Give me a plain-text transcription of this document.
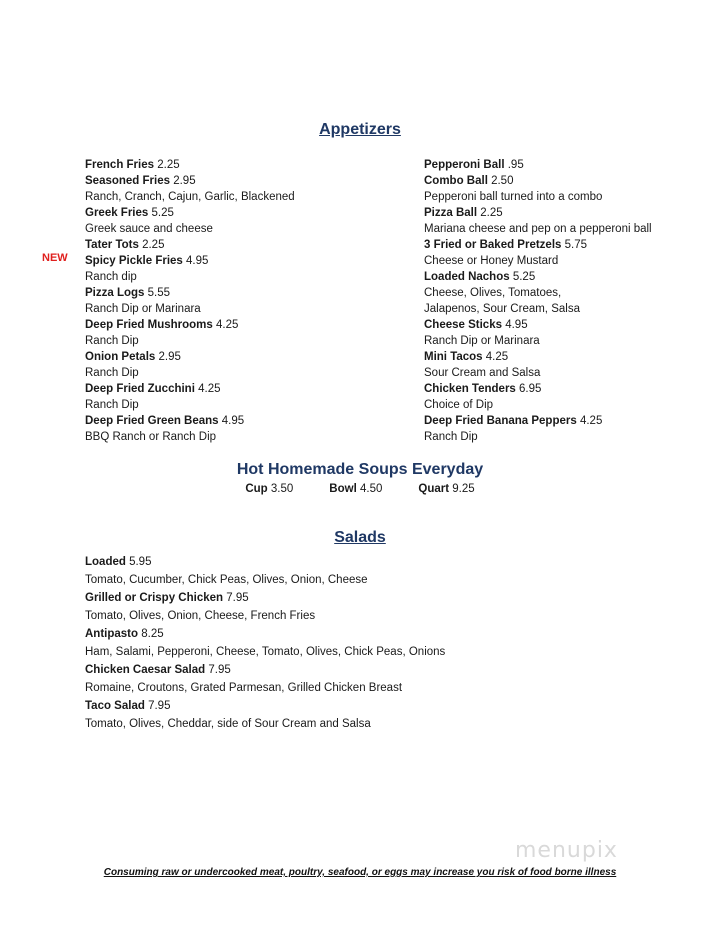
Appetizers
NEW
French Fries 2.25
Seasoned Fries 2.95
Ranch, Cranch, Cajun, Garlic, Blackened
Greek Fries 5.25
Greek sauce and cheese
Tater Tots 2.25
Spicy Pickle Fries 4.95
Ranch dip
Pizza Logs 5.55
Ranch Dip or Marinara
Deep Fried Mushrooms 4.25
Ranch Dip
Onion Petals 2.95
Ranch Dip
Deep Fried Zucchini 4.25
Ranch Dip
Deep Fried Green Beans 4.95
BBQ Ranch or Ranch Dip
Pepperoni Ball .95
Combo Ball 2.50
Pepperoni ball turned into a combo
Pizza Ball 2.25
Mariana cheese and pep on a pepperoni ball
3 Fried or Baked Pretzels 5.75
Cheese or Honey Mustard
Loaded Nachos 5.25
Cheese, Olives, Tomatoes,
Jalapenos, Sour Cream, Salsa
Cheese Sticks 4.95
Ranch Dip or Marinara
Mini Tacos 4.25
Sour Cream and Salsa
Chicken Tenders 6.95
Choice of Dip
Deep Fried Banana Peppers 4.25
Ranch Dip
Hot Homemade Soups Everyday
Cup 3.50	Bowl 4.50	Quart 9.25
Salads
Loaded 5.95
Tomato, Cucumber, Chick Peas, Olives, Onion, Cheese
Grilled or Crispy Chicken 7.95
Tomato, Olives, Onion, Cheese, French Fries
Antipasto 8.25
Ham, Salami, Pepperoni, Cheese, Tomato, Olives, Chick Peas, Onions
Chicken Caesar Salad 7.95
Romaine, Croutons, Grated Parmesan, Grilled Chicken Breast
Taco Salad 7.95
Tomato, Olives, Cheddar, side of Sour Cream and Salsa
menupix
Consuming raw or undercooked meat, poultry, seafood, or eggs may increase you risk of food borne illness
